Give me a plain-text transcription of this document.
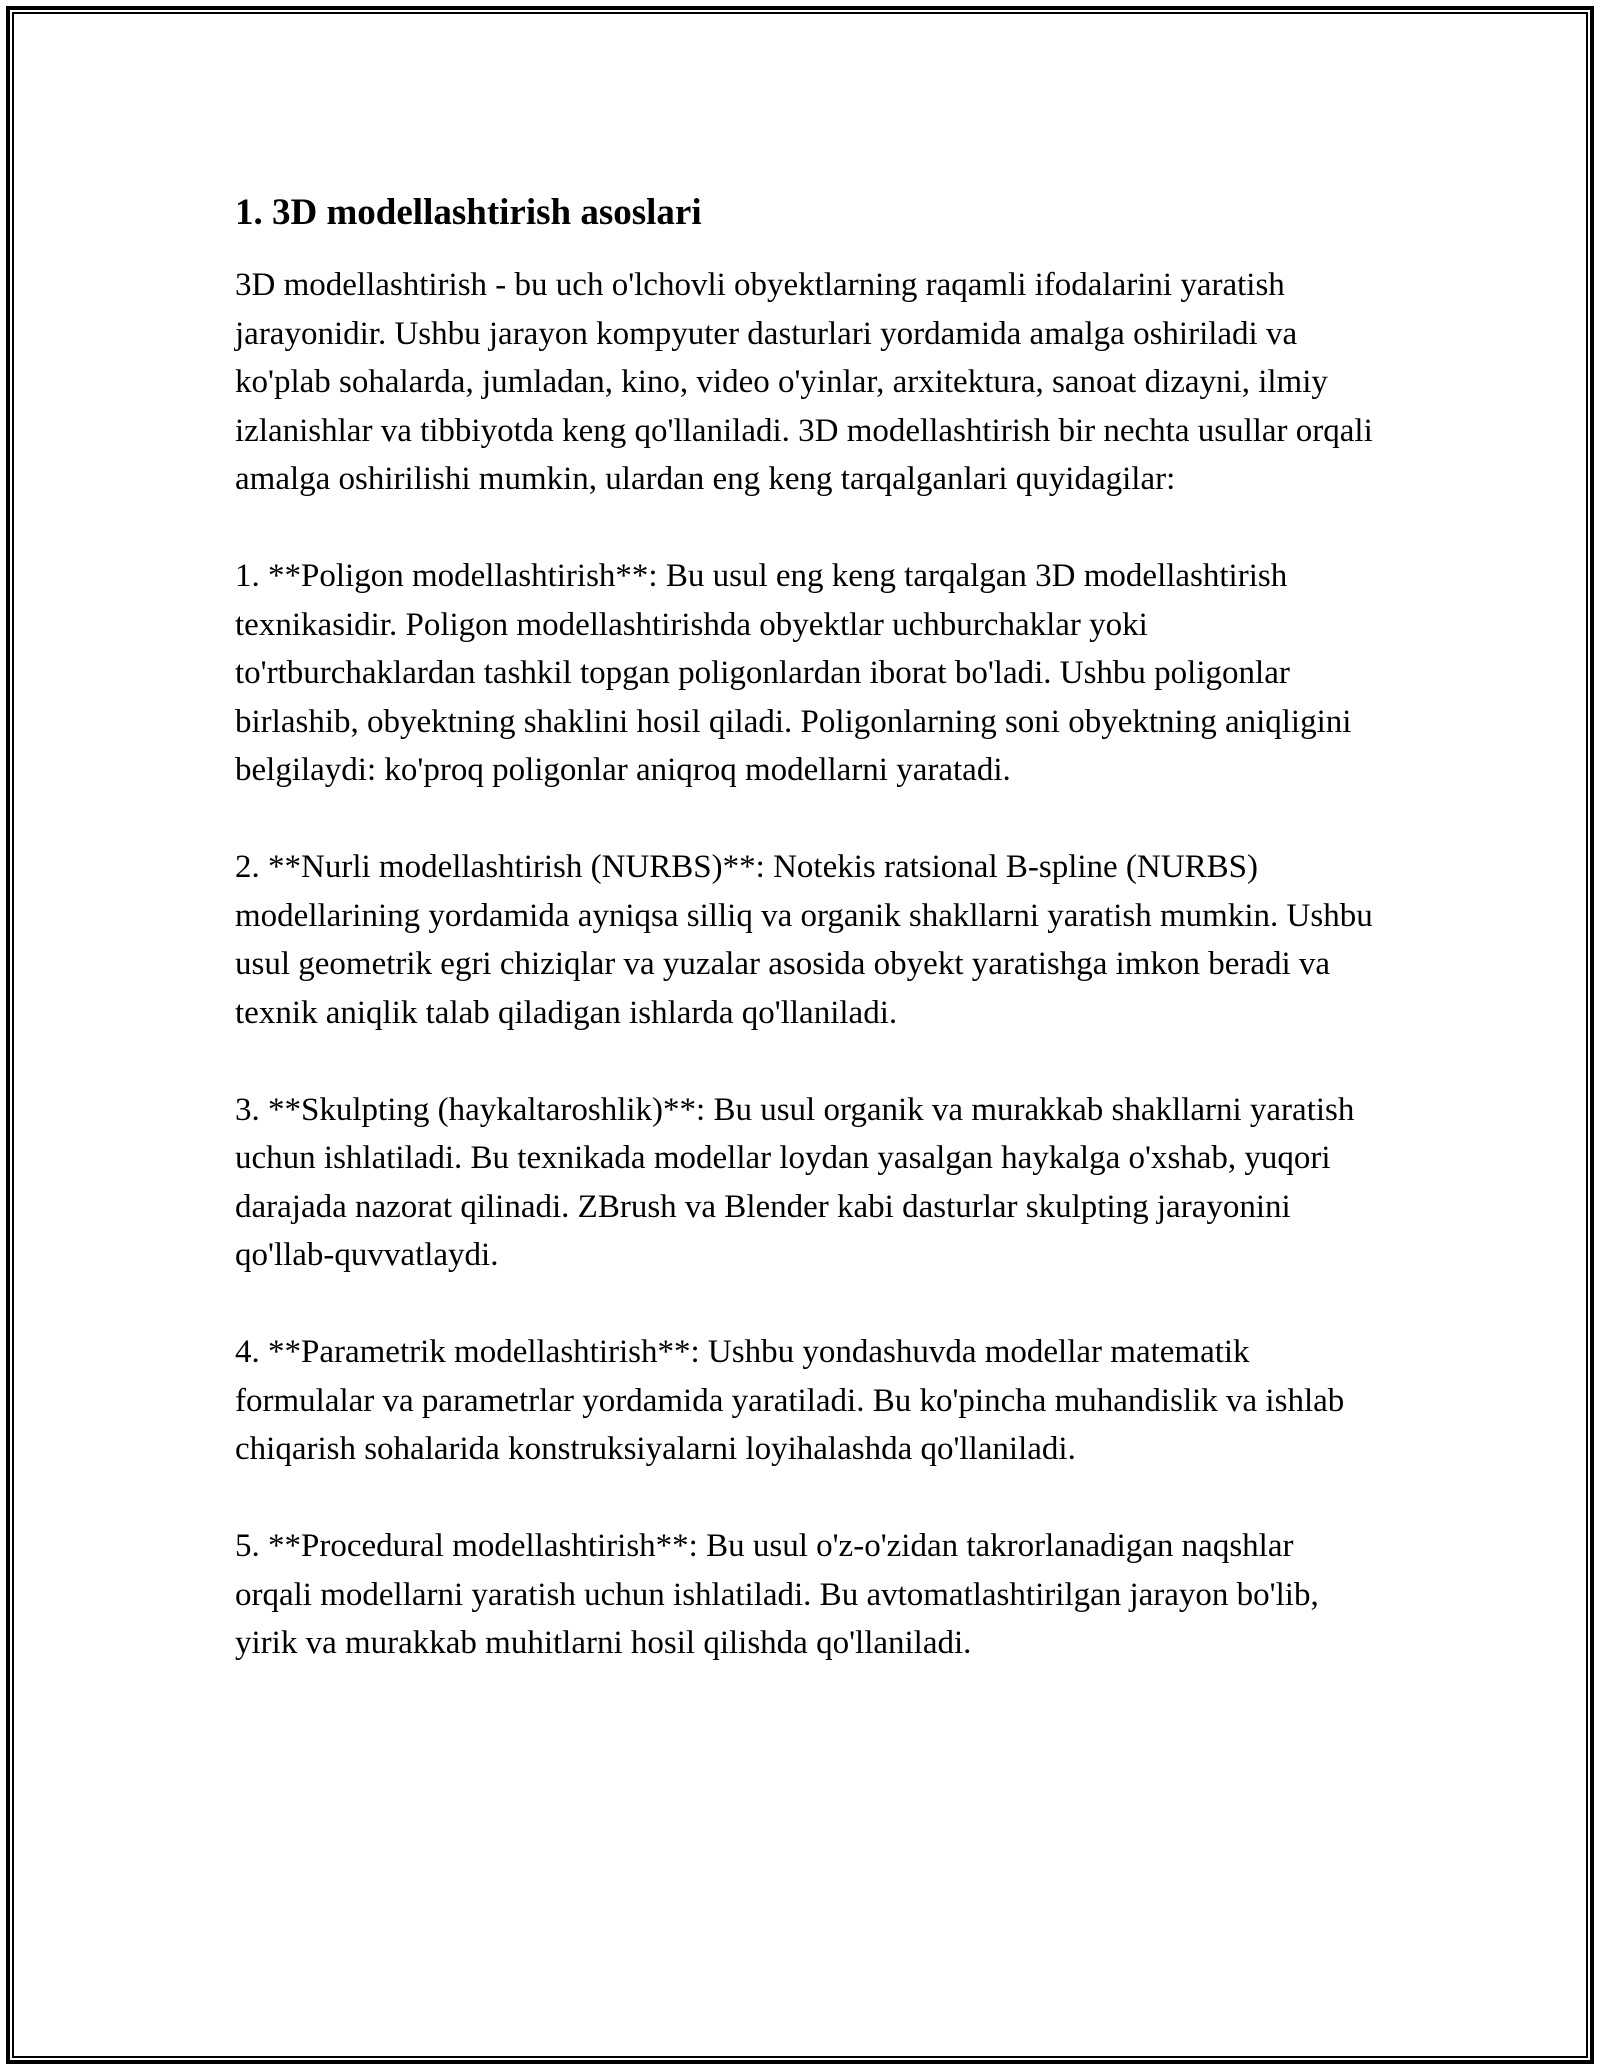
1. 3D modellashtirish asoslari

3D modellashtirish - bu uch o'lchovli obyektlarning raqamli ifodalarini yaratish jarayonidir. Ushbu jarayon kompyuter dasturlari yordamida amalga oshiriladi va ko'plab sohalarda, jumladan, kino, video o'yinlar, arxitektura, sanoat dizayni, ilmiy izlanishlar va tibbiyotda keng qo'llaniladi. 3D modellashtirish bir nechta usullar orqali amalga oshirilishi mumkin, ulardan eng keng tarqalganlari quyidagilar:

1. **Poligon modellashtirish**: Bu usul eng keng tarqalgan 3D modellashtirish texnikasidir. Poligon modellashtirishda obyektlar uchburchaklar yoki to'rtburchaklardan tashkil topgan poligonlardan iborat bo'ladi. Ushbu poligonlar birlashib, obyektning shaklini hosil qiladi. Poligonlarning soni obyektning aniqligini belgilaydi: ko'proq poligonlar aniqroq modellarni yaratadi.

2. **Nurli modellashtirish (NURBS)**: Notekis ratsional B-spline (NURBS) modellarining yordamida ayniqsa silliq va organik shakllarni yaratish mumkin. Ushbu usul geometrik egri chiziqlar va yuzalar asosida obyekt yaratishga imkon beradi va texnik aniqlik talab qiladigan ishlarda qo'llaniladi.

3. **Skulpting (haykaltaroshlik)**: Bu usul organik va murakkab shakllarni yaratish uchun ishlatiladi. Bu texnikada modellar loydan yasalgan haykalga o'xshab, yuqori darajada nazorat qilinadi. ZBrush va Blender kabi dasturlar skulpting jarayonini qo'llab-quvvatlaydi.

4. **Parametrik modellashtirish**: Ushbu yondashuvda modellar matematik formulalar va parametrlar yordamida yaratiladi. Bu ko'pincha muhandislik va ishlab chiqarish sohalarida konstruksiyalarni loyihalashda qo'llaniladi.

5. **Procedural modellashtirish**: Bu usul o'z-o'zidan takrorlanadigan naqshlar orqali modellarni yaratish uchun ishlatiladi. Bu avtomatlashtirilgan jarayon bo'lib, yirik va murakkab muhitlarni hosil qilishda qo'llaniladi.
